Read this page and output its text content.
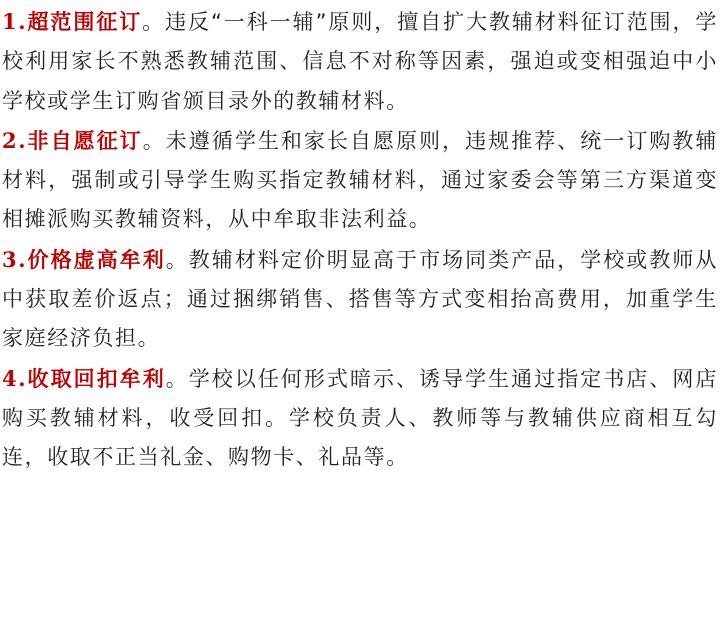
1.超范围征订。违反“一科一辅”原则，擅自扩大教辅材料征订范围，学校利用家长不熟悉教辅范围、信息不对称等因素，强迫或变相强迫中小学校或学生订购省颁目录外的教辅材料。

2.非自愿征订。未遵循学生和家长自愿原则，违规推荐、统一订购教辅材料，强制或引导学生购买指定教辅材料，通过家委会等第三方渠道变相摊派购买教辅资料，从中牟取非法利益。

3.价格虚高牟利。教辅材料定价明显高于市场同类产品，学校或教师从中获取差价返点；通过捆绑销售、搭售等方式变相抬高费用，加重学生家庭经济负担。

4.收取回扣牟利。学校以任何形式暗示、诱导学生通过指定书店、网店购买教辅材料，收受回扣。学校负责人、教师等与教辅供应商相互勾连，收取不正当礼金、购物卡、礼品等。
